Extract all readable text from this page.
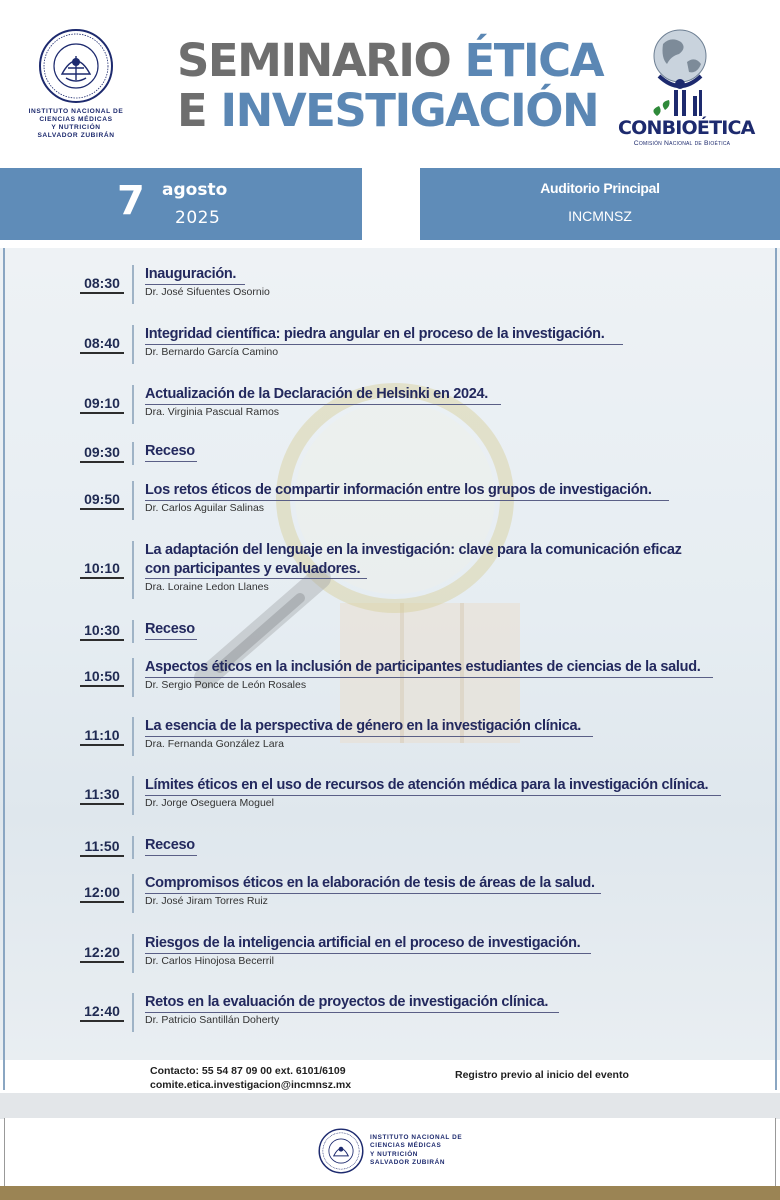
INSTITUTO NACIONAL DE
CIENCIAS MÉDICAS
Y NUTRICIÓN
SALVADOR ZUBIRÁN
SEMINARIO ÉTICA
E INVESTIGACIÓN CONBIOÉTICA
Comisión Nacional de Bioética
7 agosto
2025
Auditorio Principal
INCMNSZ
08:30
Inauguración.
Dr. José Sifuentes Osornio
08:40
Integridad científica: piedra angular en el proceso de la investigación.
Dr. Bernardo García Camino
09:10
Actualización de la Declaración de Helsinki en 2024.
Dra. Virginia Pascual Ramos
09:30 Receso
09:50
Los retos éticos de compartir información entre los grupos de investigación.
Dr. Carlos Aguilar Salinas
10:10
La adaptación del lenguaje en la investigación: clave para la comunicación eficaz
con participantes y evaluadores.
Dra. Loraine Ledon Llanes
10:30 Receso
10:50
Aspectos éticos en la inclusión de participantes estudiantes de ciencias de la salud.
Dr. Sergio Ponce de León Rosales
11:10
La esencia de la perspectiva de género en la investigación clínica.
Dra. Fernanda González Lara
11:30
Límites éticos en el uso de recursos de atención médica para la investigación clínica.
Dr. Jorge Oseguera Moguel
11:50	Receso
12:00
Compromisos éticos en la elaboración de tesis de áreas de la salud.
Dr. José Jiram Torres Ruiz
12:20
Riesgos de la inteligencia artificial en el proceso de investigación.
Dr. Carlos Hinojosa Becerril
12:40
Retos en la evaluación de proyectos de investigación clínica.
Dr. Patricio Santillán Doherty
Contacto: 55 54 87 09 00 ext. 6101/6109
comite.etica.investigacion@incmnsz.mx
Registro previo al inicio del evento
INSTITUTO NACIONAL DE
CIENCIAS MÉDICAS
Y NUTRICIÓN
SALVADOR ZUBIRÁN
